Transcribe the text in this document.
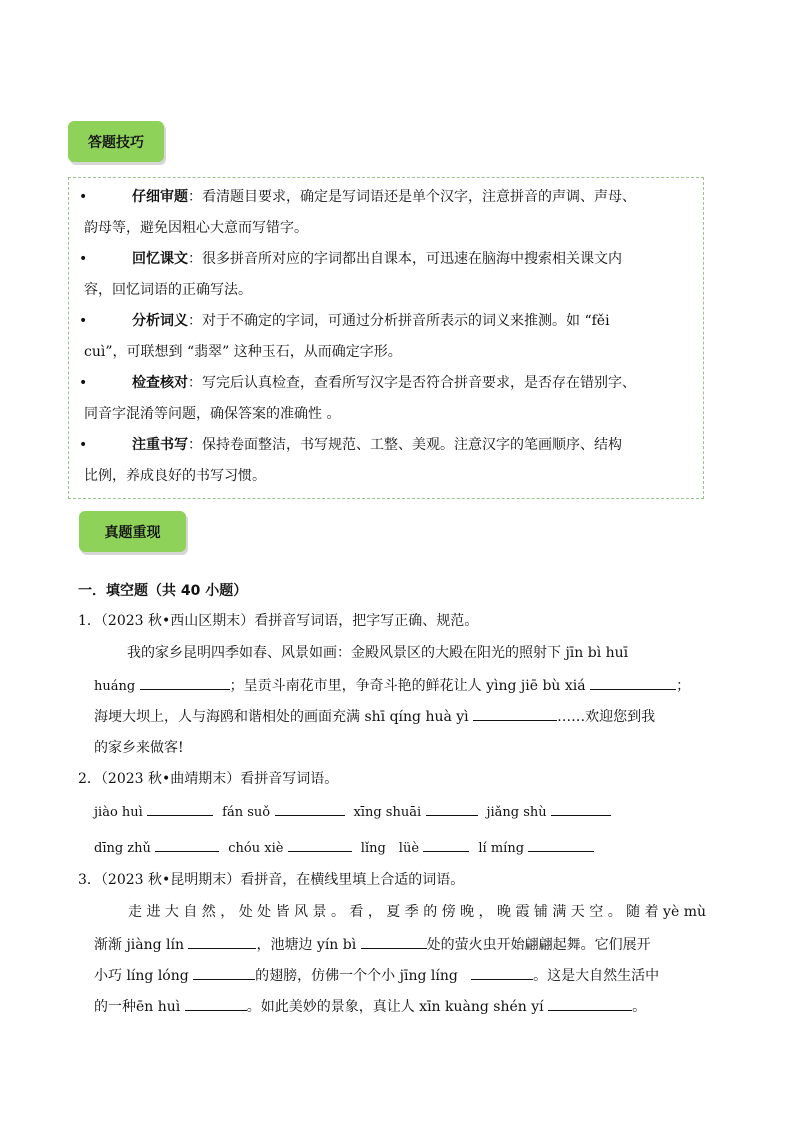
答题技巧
•	仔细审题：看清题目要求，确定是写词语还是单个汉字，注意拼音的声调、声母、
韵母等，避免因粗心大意而写错字。
•	回忆课文：很多拼音所对应的字词都出自课本，可迅速在脑海中搜索相关课文内
容，回忆词语的正确写法。
•	分析词义：对于不确定的字词，可通过分析拼音所表示的词义来推测。如 “fěi
cuì”，可联想到 “翡翠” 这种玉石，从而确定字形。
•	检查核对：写完后认真检查，查看所写汉字是否符合拼音要求，是否存在错别字、
同音字混淆等问题，确保答案的准确性 。
•	注重书写：保持卷面整洁，书写规范、工整、美观。注意汉字的笔画顺序、结构
比例，养成良好的书写习惯。
真题重现
一．填空题（共 40 小题）
1．（2023 秋•西山区期末）看拼音写词语，把字写正确、规范。
我的家乡昆明四季如春、风景如画：金殿风景区的大殿在阳光的照射下 jīn bì huī
huáng	；呈贡斗南花市里，争奇斗艳的鲜花让人 yìng jiē bù xiá	；
海埂大坝上，人与海鸥和谐相处的画面充满 shī qíng huà yì	……欢迎您到我
的家乡来做客!
2．（2023 秋•曲靖期末）看拼音写词语。
jiào huì	fán suǒ	xīng shuāi	jiǎng shù
dīng zhǔ	chóu xiè	lǐng　lüè	lí míng
3．（2023 秋•昆明期末）看拼音，在横线里填上合适的词语。
走 进 大 自 然 ， 处 处 皆 风 景 。 看 ， 夏 季 的 傍 晚 ， 晚 霞 铺 满 天 空 。 随 着 yè mù
渐渐 jiàng lín	，池塘边 yín bì	处的萤火虫开始翩翩起舞。它们展开
小巧 líng lóng	的翅膀，仿佛一个个小 jīng líng	。这是大自然生活中
的一种ēn huì	。如此美妙的景象，真让人 xīn kuàng shén yí	。
